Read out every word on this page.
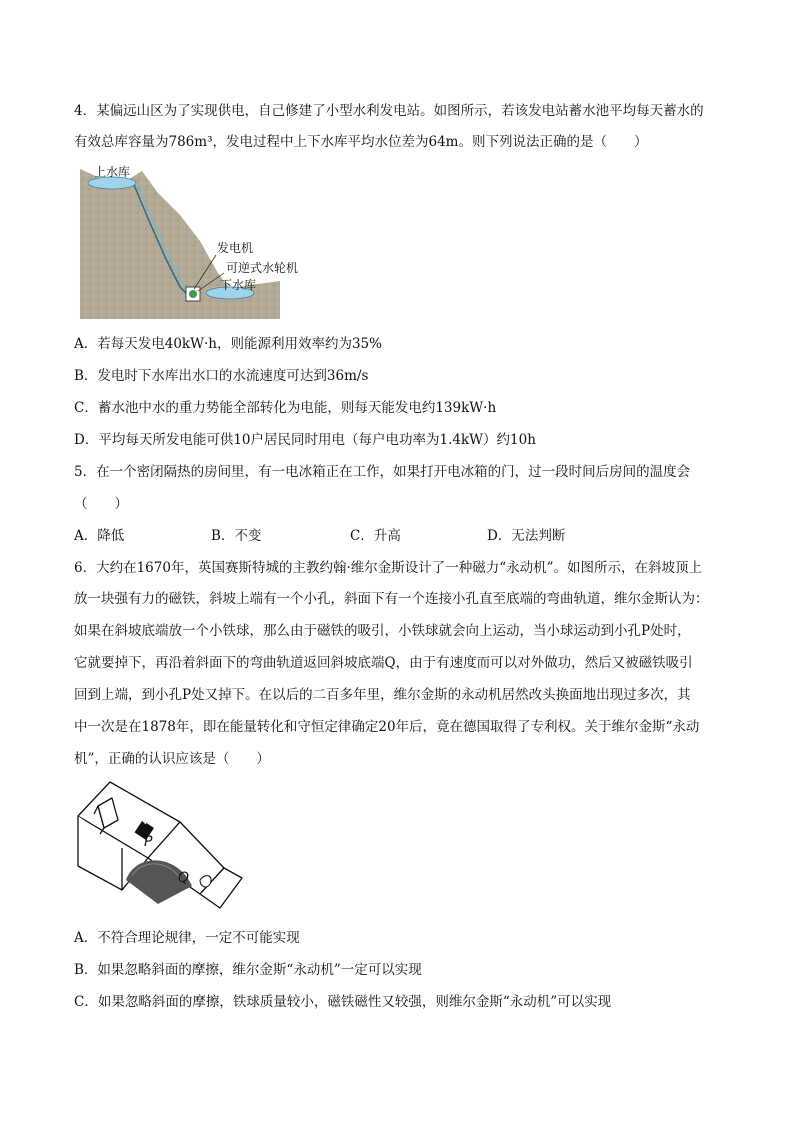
4．某偏远山区为了实现供电，自己修建了小型水利发电站。如图所示，若该发电站蓄水池平均每天蓄水的
有效总库容量为786m³，发电过程中上下水库平均水位差为64m。则下列说法正确的是（　　）
上水库
发电机
可逆式水轮机
下水库
A．若每天发电40kW·h，则能源利用效率约为35%
B．发电时下水库出水口的水流速度可达到36m/s
C．蓄水池中水的重力势能全部转化为电能，则每天能发电约139kW·h
D．平均每天所发电能可供10户居民同时用电（每户电功率为1.4kW）约10h
5．在一个密闭隔热的房间里，有一电冰箱正在工作，如果打开电冰箱的门，过一段时间后房间的温度会
（　　）
A．降低	B．不变	C．升高	D．无法判断
6．大约在1670年，英国赛斯特城的主教约翰·维尔金斯设计了一种磁力“永动机”。如图所示，在斜坡顶上
放一块强有力的磁铁，斜坡上端有一个小孔，斜面下有一个连接小孔直至底端的弯曲轨道，维尔金斯认为：
如果在斜坡底端放一个小铁球，那么由于磁铁的吸引，小铁球就会向上运动，当小球运动到小孔P处时，
它就要掉下，再沿着斜面下的弯曲轨道返回斜坡底端Q，由于有速度而可以对外做功，然后又被磁铁吸引
回到上端，到小孔P处又掉下。在以后的二百多年里，维尔金斯的永动机居然改头换面地出现过多次，其
中一次是在1878年，即在能量转化和守恒定律确定20年后，竟在德国取得了专利权。关于维尔金斯“永动
机”，正确的认识应该是（　　）
P
Q
A．不符合理论规律，一定不可能实现
B．如果忽略斜面的摩擦，维尔金斯“永动机”一定可以实现
C．如果忽略斜面的摩擦，铁球质量较小，磁铁磁性又较强，则维尔金斯“永动机”可以实现
